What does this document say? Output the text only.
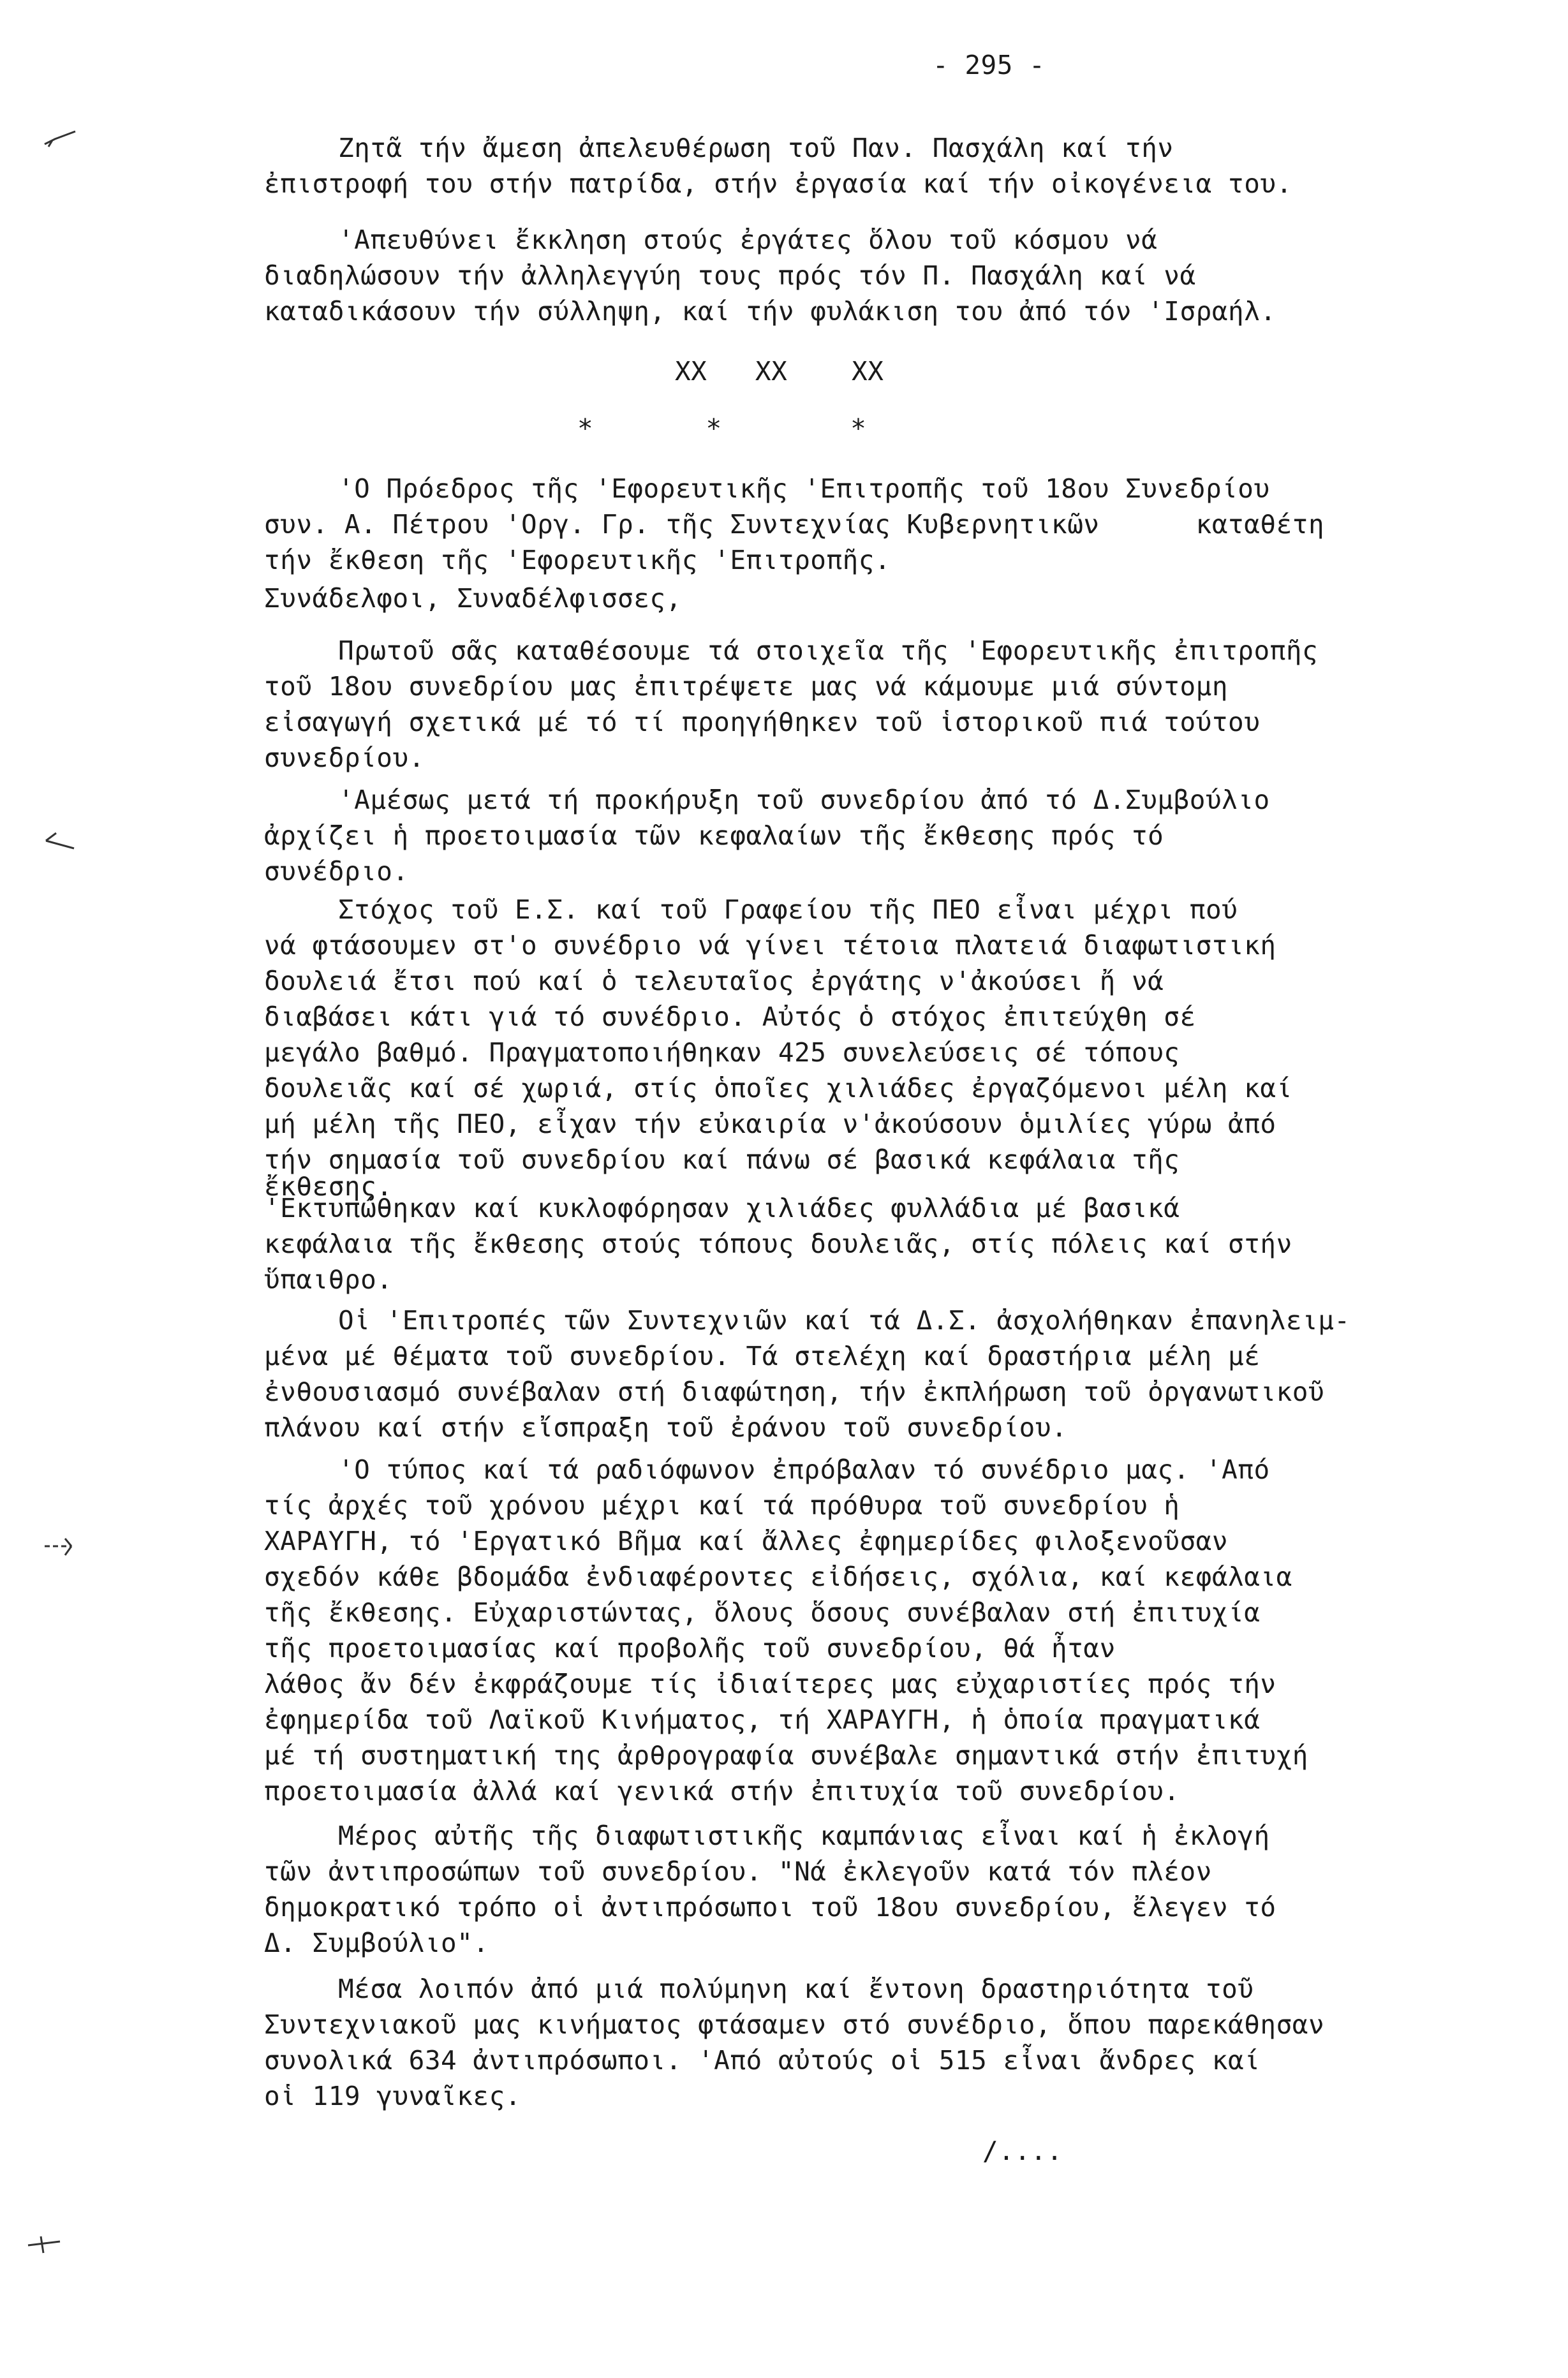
- 295 -
Ζητᾶ τήν ἄμεση ἀπελευθέρωση τοῦ Παν. Πασχάλη καί τήν
ἐπιστροφή του στήν πατρίδα, στήν ἐργασία καί τήν οἰκογένεια του.
'Απευθύνει ἔκκληση στούς ἐργάτες ὅλου τοῦ κόσμου νά
διαδηλώσουν τήν ἀλληλεγγύη τους πρός τόν Π. Πασχάλη καί νά
καταδικάσουν τήν σύλληψη, καί τήν φυλάκιση του ἀπό τόν 'Ισραήλ.
XX   XX    XX
*       *        *
'Ο Πρόεδρος τῆς 'Εφορευτικῆς 'Επιτροπῆς τοῦ 18ου Συνεδρίου
συν. Α. Πέτρου 'Οργ. Γρ. τῆς Συντεχνίας Κυβερνητικῶν      καταθέτη
τήν ἔκθεση τῆς 'Εφορευτικῆς 'Επιτροπῆς.
Συνάδελφοι, Συναδέλφισσες,
Πρωτοῦ σᾶς καταθέσουμε τά στοιχεῖα τῆς 'Εφορευτικῆς ἐπιτροπῆς
τοῦ 18ου συνεδρίου μας ἐπιτρέψετε μας νά κάμουμε μιά σύντομη
εἰσαγωγή σχετικά μέ τό τί προηγήθηκεν τοῦ ἱστορικοῦ πιά τούτου
συνεδρίου.
'Αμέσως μετά τή προκήρυξη τοῦ συνεδρίου ἀπό τό Δ.Συμβούλιο
ἀρχίζει ἡ προετοιμασία τῶν κεφαλαίων τῆς ἔκθεσης πρός τό
συνέδριο.
Στόχος τοῦ Ε.Σ. καί τοῦ Γραφείου τῆς ΠΕΟ εἶναι μέχρι πού
νά φτάσουμεν στ'ο συνέδριο νά γίνει τέτοια πλατειά διαφωτιστική
δουλειά ἔτσι πού καί ὁ τελευταῖος ἐργάτης ν'ἀκούσει ἤ νά
διαβάσει κάτι γιά τό συνέδριο. Αὐτός ὁ στόχος ἐπιτεύχθη σέ
μεγάλο βαθμό. Πραγματοποιήθηκαν 425 συνελεύσεις σέ τόπους
δουλειᾶς καί σέ χωριά, στίς ὁποῖες χιλιάδες ἐργαζόμενοι μέλη καί
μή μέλη τῆς ΠΕΟ, εἶχαν τήν εὐκαιρία ν'ἀκούσουν ὁμιλίες γύρω ἀπό
τήν σημασία τοῦ συνεδρίου καί πάνω σέ βασικά κεφάλαια τῆς
ἔκθεσης.
'Εκτυπώθηκαν καί κυκλοφόρησαν χιλιάδες φυλλάδια μέ βασικά
κεφάλαια τῆς ἔκθεσης στούς τόπους δουλειᾶς, στίς πόλεις καί στήν
ὕπαιθρο.
Οἱ 'Επιτροπές τῶν Συντεχνιῶν καί τά Δ.Σ. ἀσχολήθηκαν ἐπανηλειμ-
μένα μέ θέματα τοῦ συνεδρίου. Τά στελέχη καί δραστήρια μέλη μέ
ἐνθουσιασμό συνέβαλαν στή διαφώτηση, τήν ἐκπλήρωση τοῦ ὀργανωτικοῦ
πλάνου καί στήν εἴσπραξη τοῦ ἐράνου τοῦ συνεδρίου.
'Ο τύπος καί τά ραδιόφωνον ἐπρόβαλαν τό συνέδριο μας. 'Από
τίς ἀρχές τοῦ χρόνου μέχρι καί τά πρόθυρα τοῦ συνεδρίου ἡ
ΧΑΡΑΥΓΗ, τό 'Εργατικό Βῆμα καί ἄλλες ἐφημερίδες φιλοξενοῦσαν
σχεδόν κάθε βδομάδα ἐνδιαφέροντες εἰδήσεις, σχόλια, καί κεφάλαια
τῆς ἔκθεσης. Εὐχαριστώντας, ὅλους ὅσους συνέβαλαν στή ἐπιτυχία
τῆς προετοιμασίας καί προβολῆς τοῦ συνεδρίου, θά ἦταν
λάθος ἄν δέν ἐκφράζουμε τίς ἰδιαίτερες μας εὐχαριστίες πρός τήν
ἐφημερίδα τοῦ Λαϊκοῦ Κινήματος, τή ΧΑΡΑΥΓΗ, ἡ ὁποία πραγματικά
μέ τή συστηματική της ἀρθρογραφία συνέβαλε σημαντικά στήν ἐπιτυχή
προετοιμασία ἀλλά καί γενικά στήν ἐπιτυχία τοῦ συνεδρίου.
Μέρος αὐτῆς τῆς διαφωτιστικῆς καμπάνιας εἶναι καί ἡ ἐκλογή
τῶν ἀντιπροσώπων τοῦ συνεδρίου. "Νά ἐκλεγοῦν κατά τόν πλέον
δημοκρατικό τρόπο οἱ ἀντιπρόσωποι τοῦ 18ου συνεδρίου, ἔλεγεν τό
Δ. Συμβούλιο".
Μέσα λοιπόν ἀπό μιά πολύμηνη καί ἔντονη δραστηριότητα τοῦ
Συντεχνιακοῦ μας κινήματος φτάσαμεν στό συνέδριο, ὅπου παρεκάθησαν
συνολικά 634 ἀντιπρόσωποι. 'Από αὐτούς οἱ 515 εἶναι ἄνδρες καί
οἱ 119 γυναῖκες.
/....
